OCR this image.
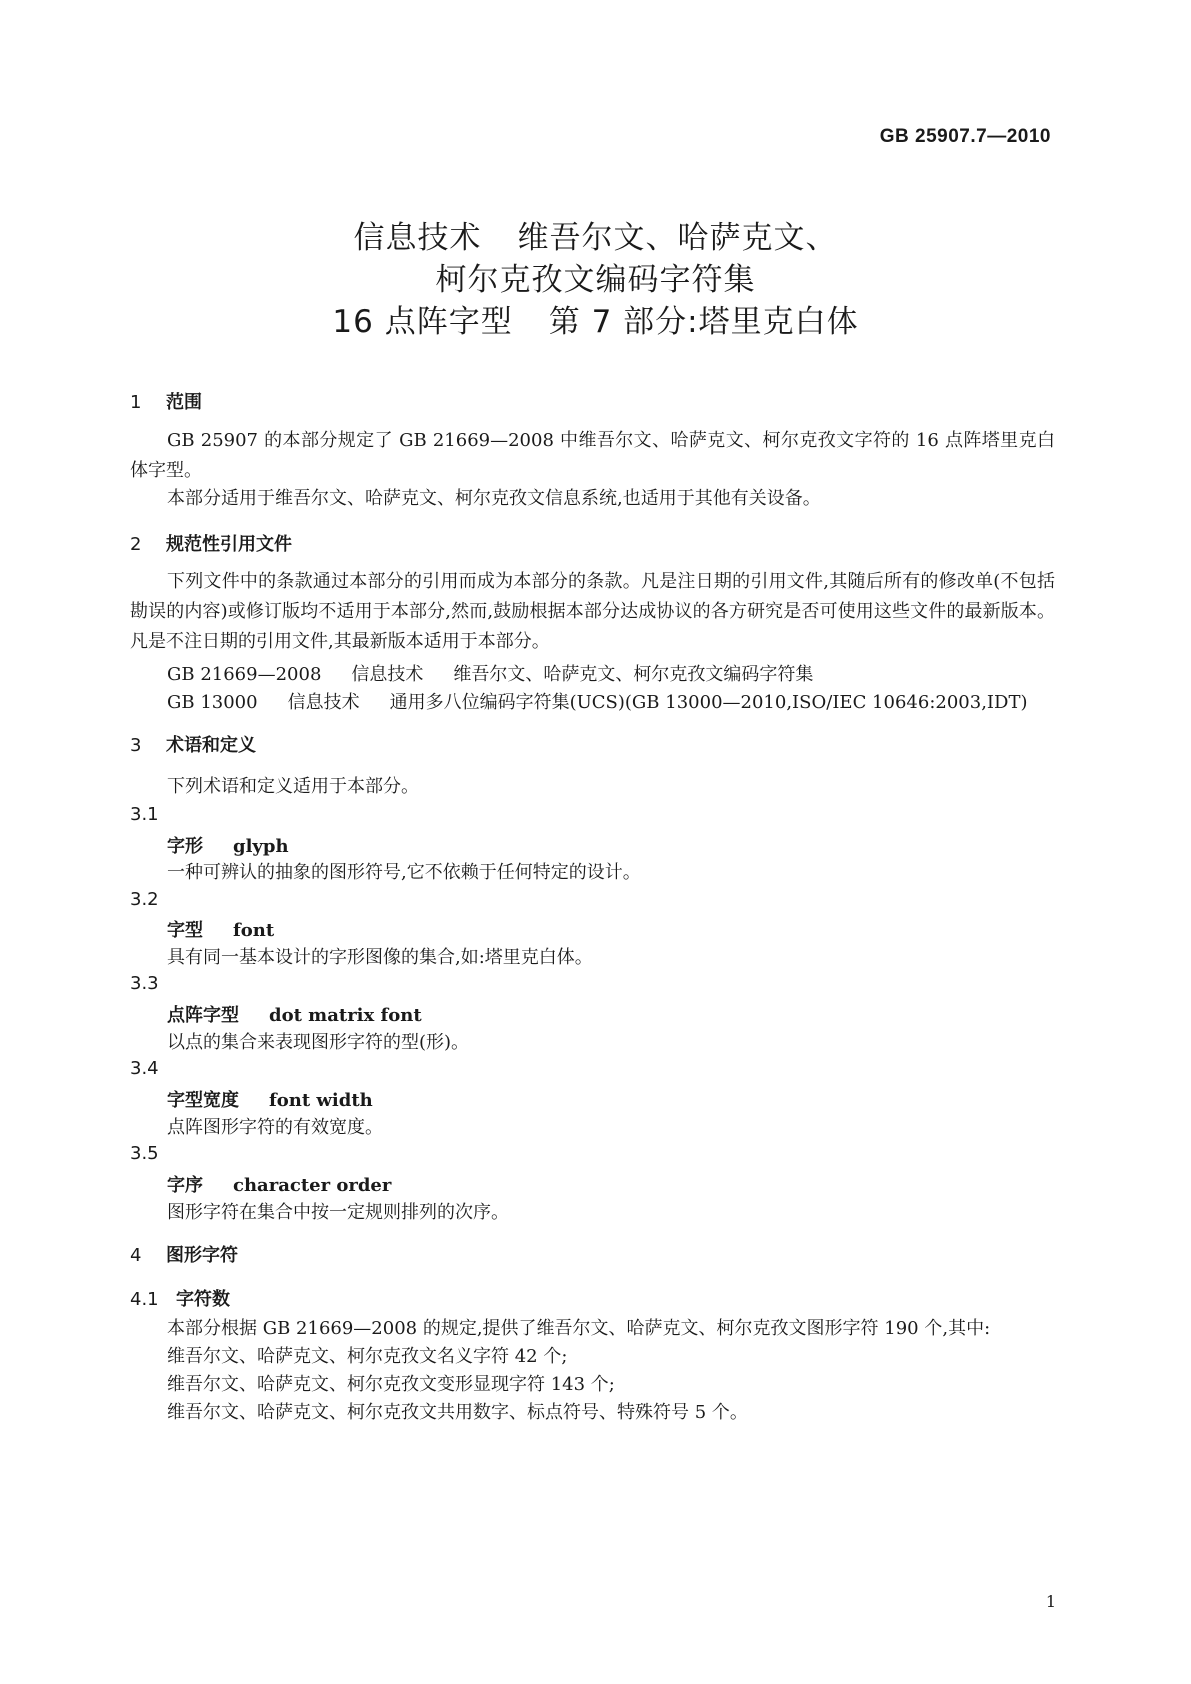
GB 25907.7—2010
信息技术 维吾尔文、哈萨克文、
柯尔克孜文编码字符集
16 点阵字型 第 7 部分:塔里克白体
1 范围
GB 25907 的本部分规定了 GB 21669—2008 中维吾尔文、哈萨克文、柯尔克孜文字符的 16 点阵塔里克白体字型。
本部分适用于维吾尔文、哈萨克文、柯尔克孜文信息系统,也适用于其他有关设备。
2 规范性引用文件
下列文件中的条款通过本部分的引用而成为本部分的条款。凡是注日期的引用文件,其随后所有的修改单(不包括勘误的内容)或修订版均不适用于本部分,然而,鼓励根据本部分达成协议的各方研究是否可使用这些文件的最新版本。凡是不注日期的引用文件,其最新版本适用于本部分。
GB 21669—2008 信息技术 维吾尔文、哈萨克文、柯尔克孜文编码字符集
GB 13000 信息技术 通用多八位编码字符集(UCS)(GB 13000—2010,ISO/IEC 10646:2003,IDT)
3 术语和定义
下列术语和定义适用于本部分。
3.1
字形 glyph
一种可辨认的抽象的图形符号,它不依赖于任何特定的设计。
3.2
字型 font
具有同一基本设计的字形图像的集合,如:塔里克白体。
3.3
点阵字型 dot matrix font
以点的集合来表现图形字符的型(形)。
3.4
字型宽度 font width
点阵图形字符的有效宽度。
3.5
字序 character order
图形字符在集合中按一定规则排列的次序。
4 图形字符
4.1 字符数
本部分根据 GB 21669—2008 的规定,提供了维吾尔文、哈萨克文、柯尔克孜文图形字符 190 个,其中:
维吾尔文、哈萨克文、柯尔克孜文名义字符 42 个;
维吾尔文、哈萨克文、柯尔克孜文变形显现字符 143 个;
维吾尔文、哈萨克文、柯尔克孜文共用数字、标点符号、特殊符号 5 个。
1
